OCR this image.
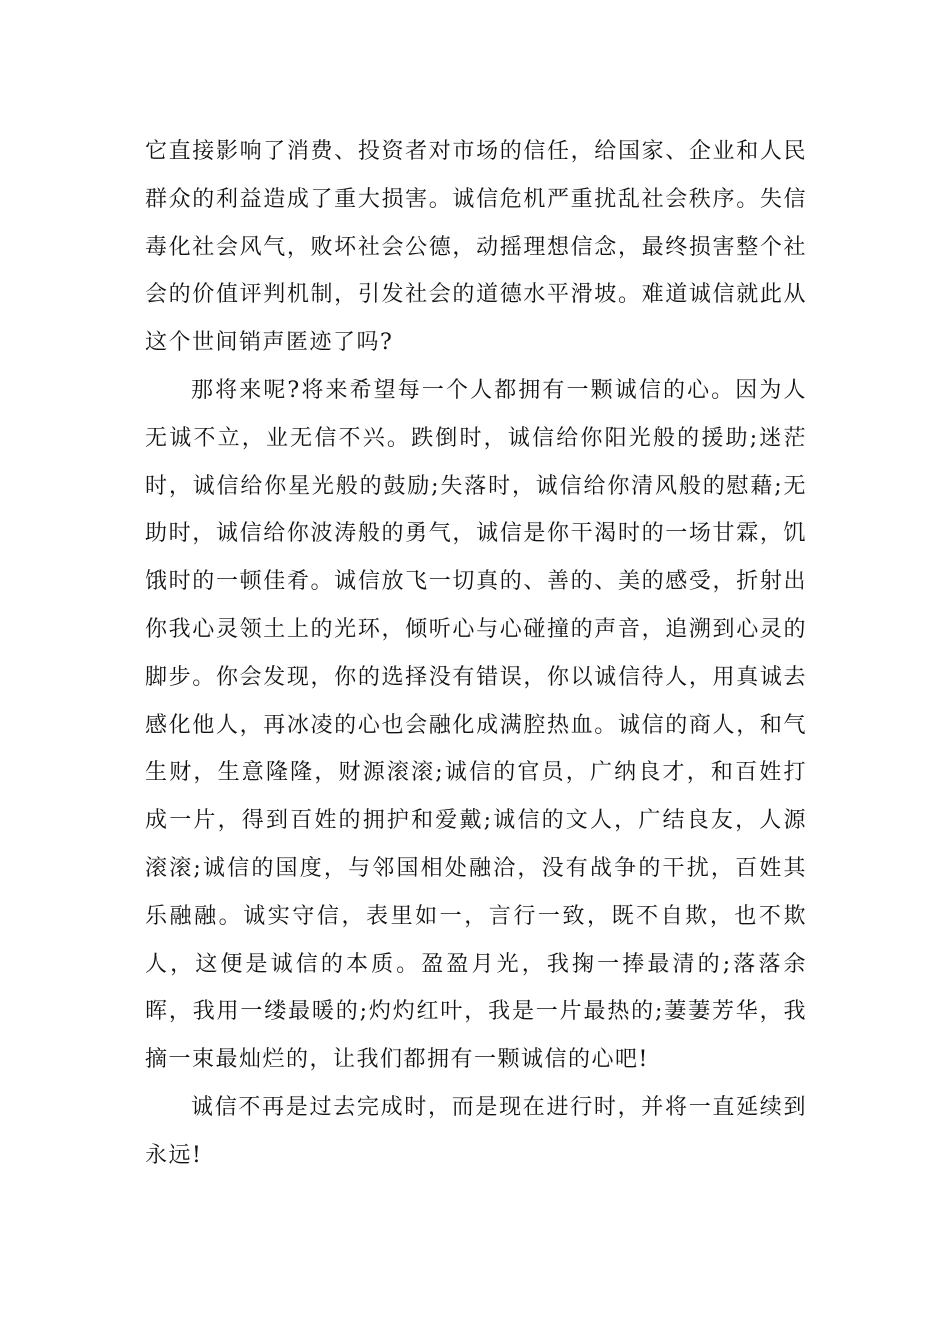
它直接影响了消费、投资者对市场的信任，给国家、企业和人民群众的利益造成了重大损害。诚信危机严重扰乱社会秩序。失信毒化社会风气，败坏社会公德，动摇理想信念，最终损害整个社会的价值评判机制，引发社会的道德水平滑坡。难道诚信就此从这个世间销声匿迹了吗?

那将来呢?将来希望每一个人都拥有一颗诚信的心。因为人无诚不立，业无信不兴。跌倒时，诚信给你阳光般的援助;迷茫时，诚信给你星光般的鼓励;失落时，诚信给你清风般的慰藉;无助时，诚信给你波涛般的勇气，诚信是你干渴时的一场甘霖，饥饿时的一顿佳肴。诚信放飞一切真的、善的、美的感受，折射出你我心灵领土上的光环，倾听心与心碰撞的声音，追溯到心灵的脚步。你会发现，你的选择没有错误，你以诚信待人，用真诚去感化他人，再冰凌的心也会融化成满腔热血。诚信的商人，和气生财，生意隆隆，财源滚滚;诚信的官员，广纳良才，和百姓打成一片，得到百姓的拥护和爱戴;诚信的文人，广结良友，人源滚滚;诚信的国度，与邻国相处融洽，没有战争的干扰，百姓其乐融融。诚实守信，表里如一，言行一致，既不自欺，也不欺人，这便是诚信的本质。盈盈月光，我掬一捧最清的;落落余晖，我用一缕最暖的;灼灼红叶，我是一片最热的;萋萋芳华，我摘一束最灿烂的，让我们都拥有一颗诚信的心吧!

诚信不再是过去完成时，而是现在进行时，并将一直延续到永远!
